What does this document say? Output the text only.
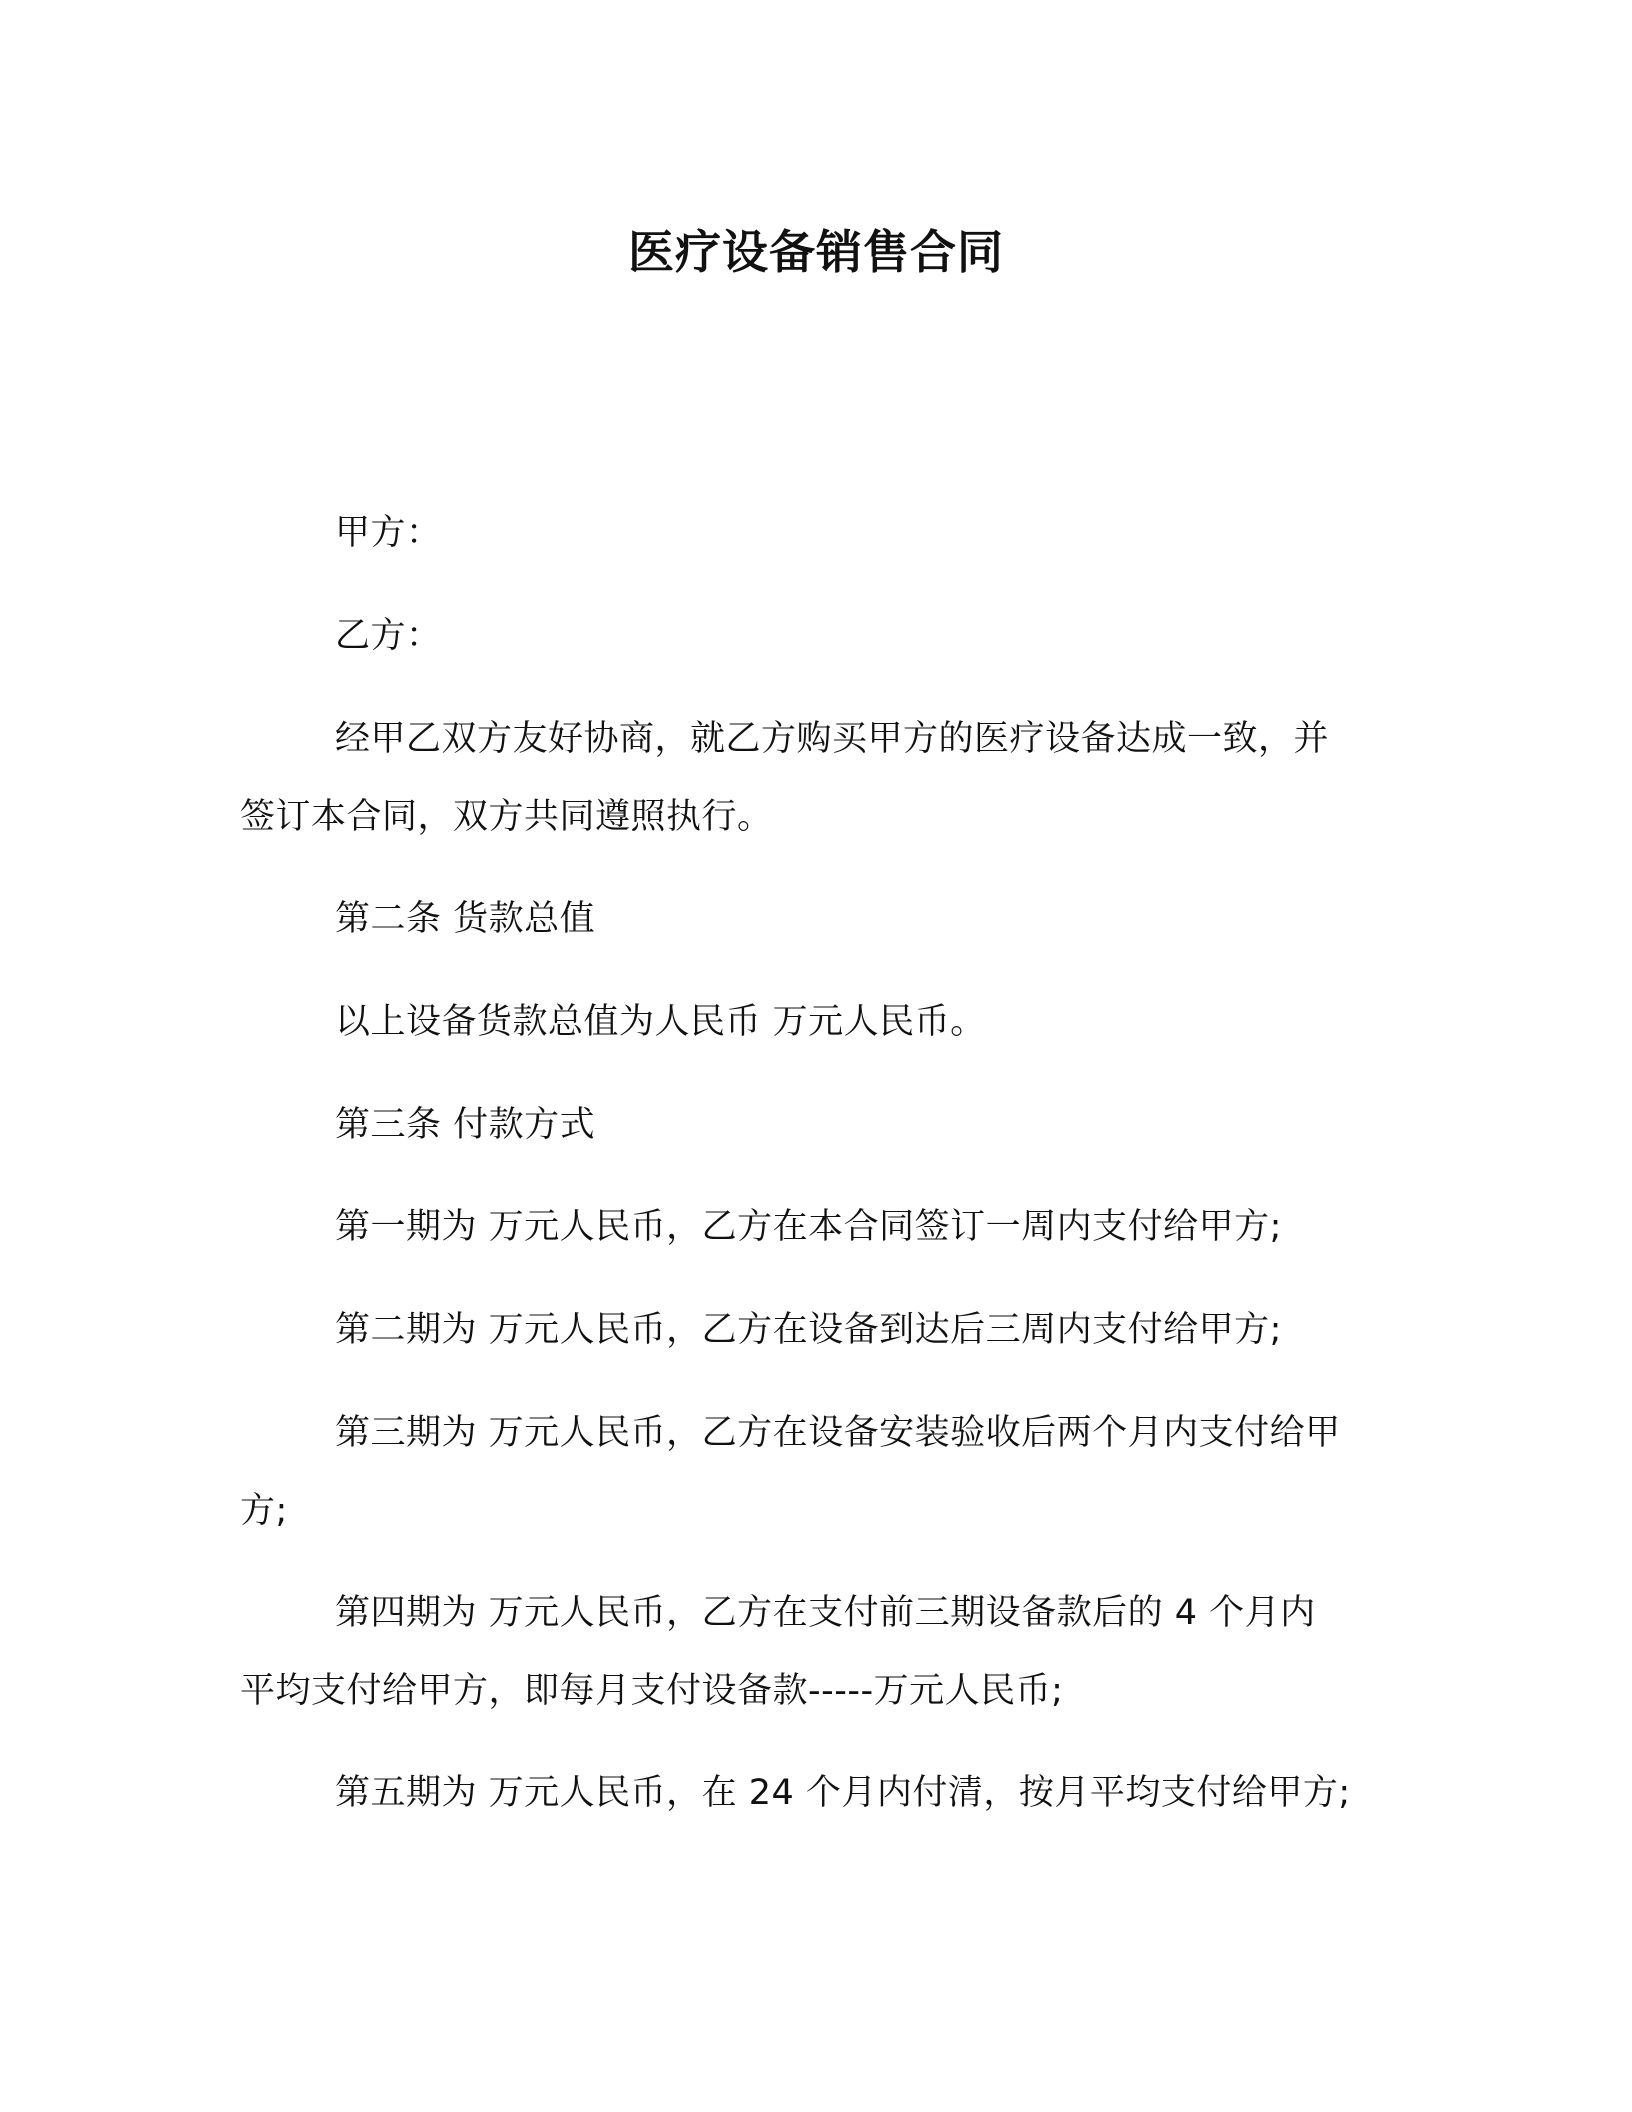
医疗设备销售合同
甲方：
乙方：
经甲乙双方友好协商，就乙方购买甲方的医疗设备达成一致，并
签订本合同，双方共同遵照执行。
第二条 货款总值
以上设备货款总值为人民币 万元人民币。
第三条 付款方式
第一期为 万元人民币，乙方在本合同签订一周内支付给甲方;
第二期为 万元人民币，乙方在设备到达后三周内支付给甲方;
第三期为 万元人民币，乙方在设备安装验收后两个月内支付给甲
方;
第四期为 万元人民币，乙方在支付前三期设备款后的 4 个月内
平均支付给甲方，即每月支付设备款-----万元人民币;
第五期为 万元人民币，在 24 个月内付清，按月平均支付给甲方;
